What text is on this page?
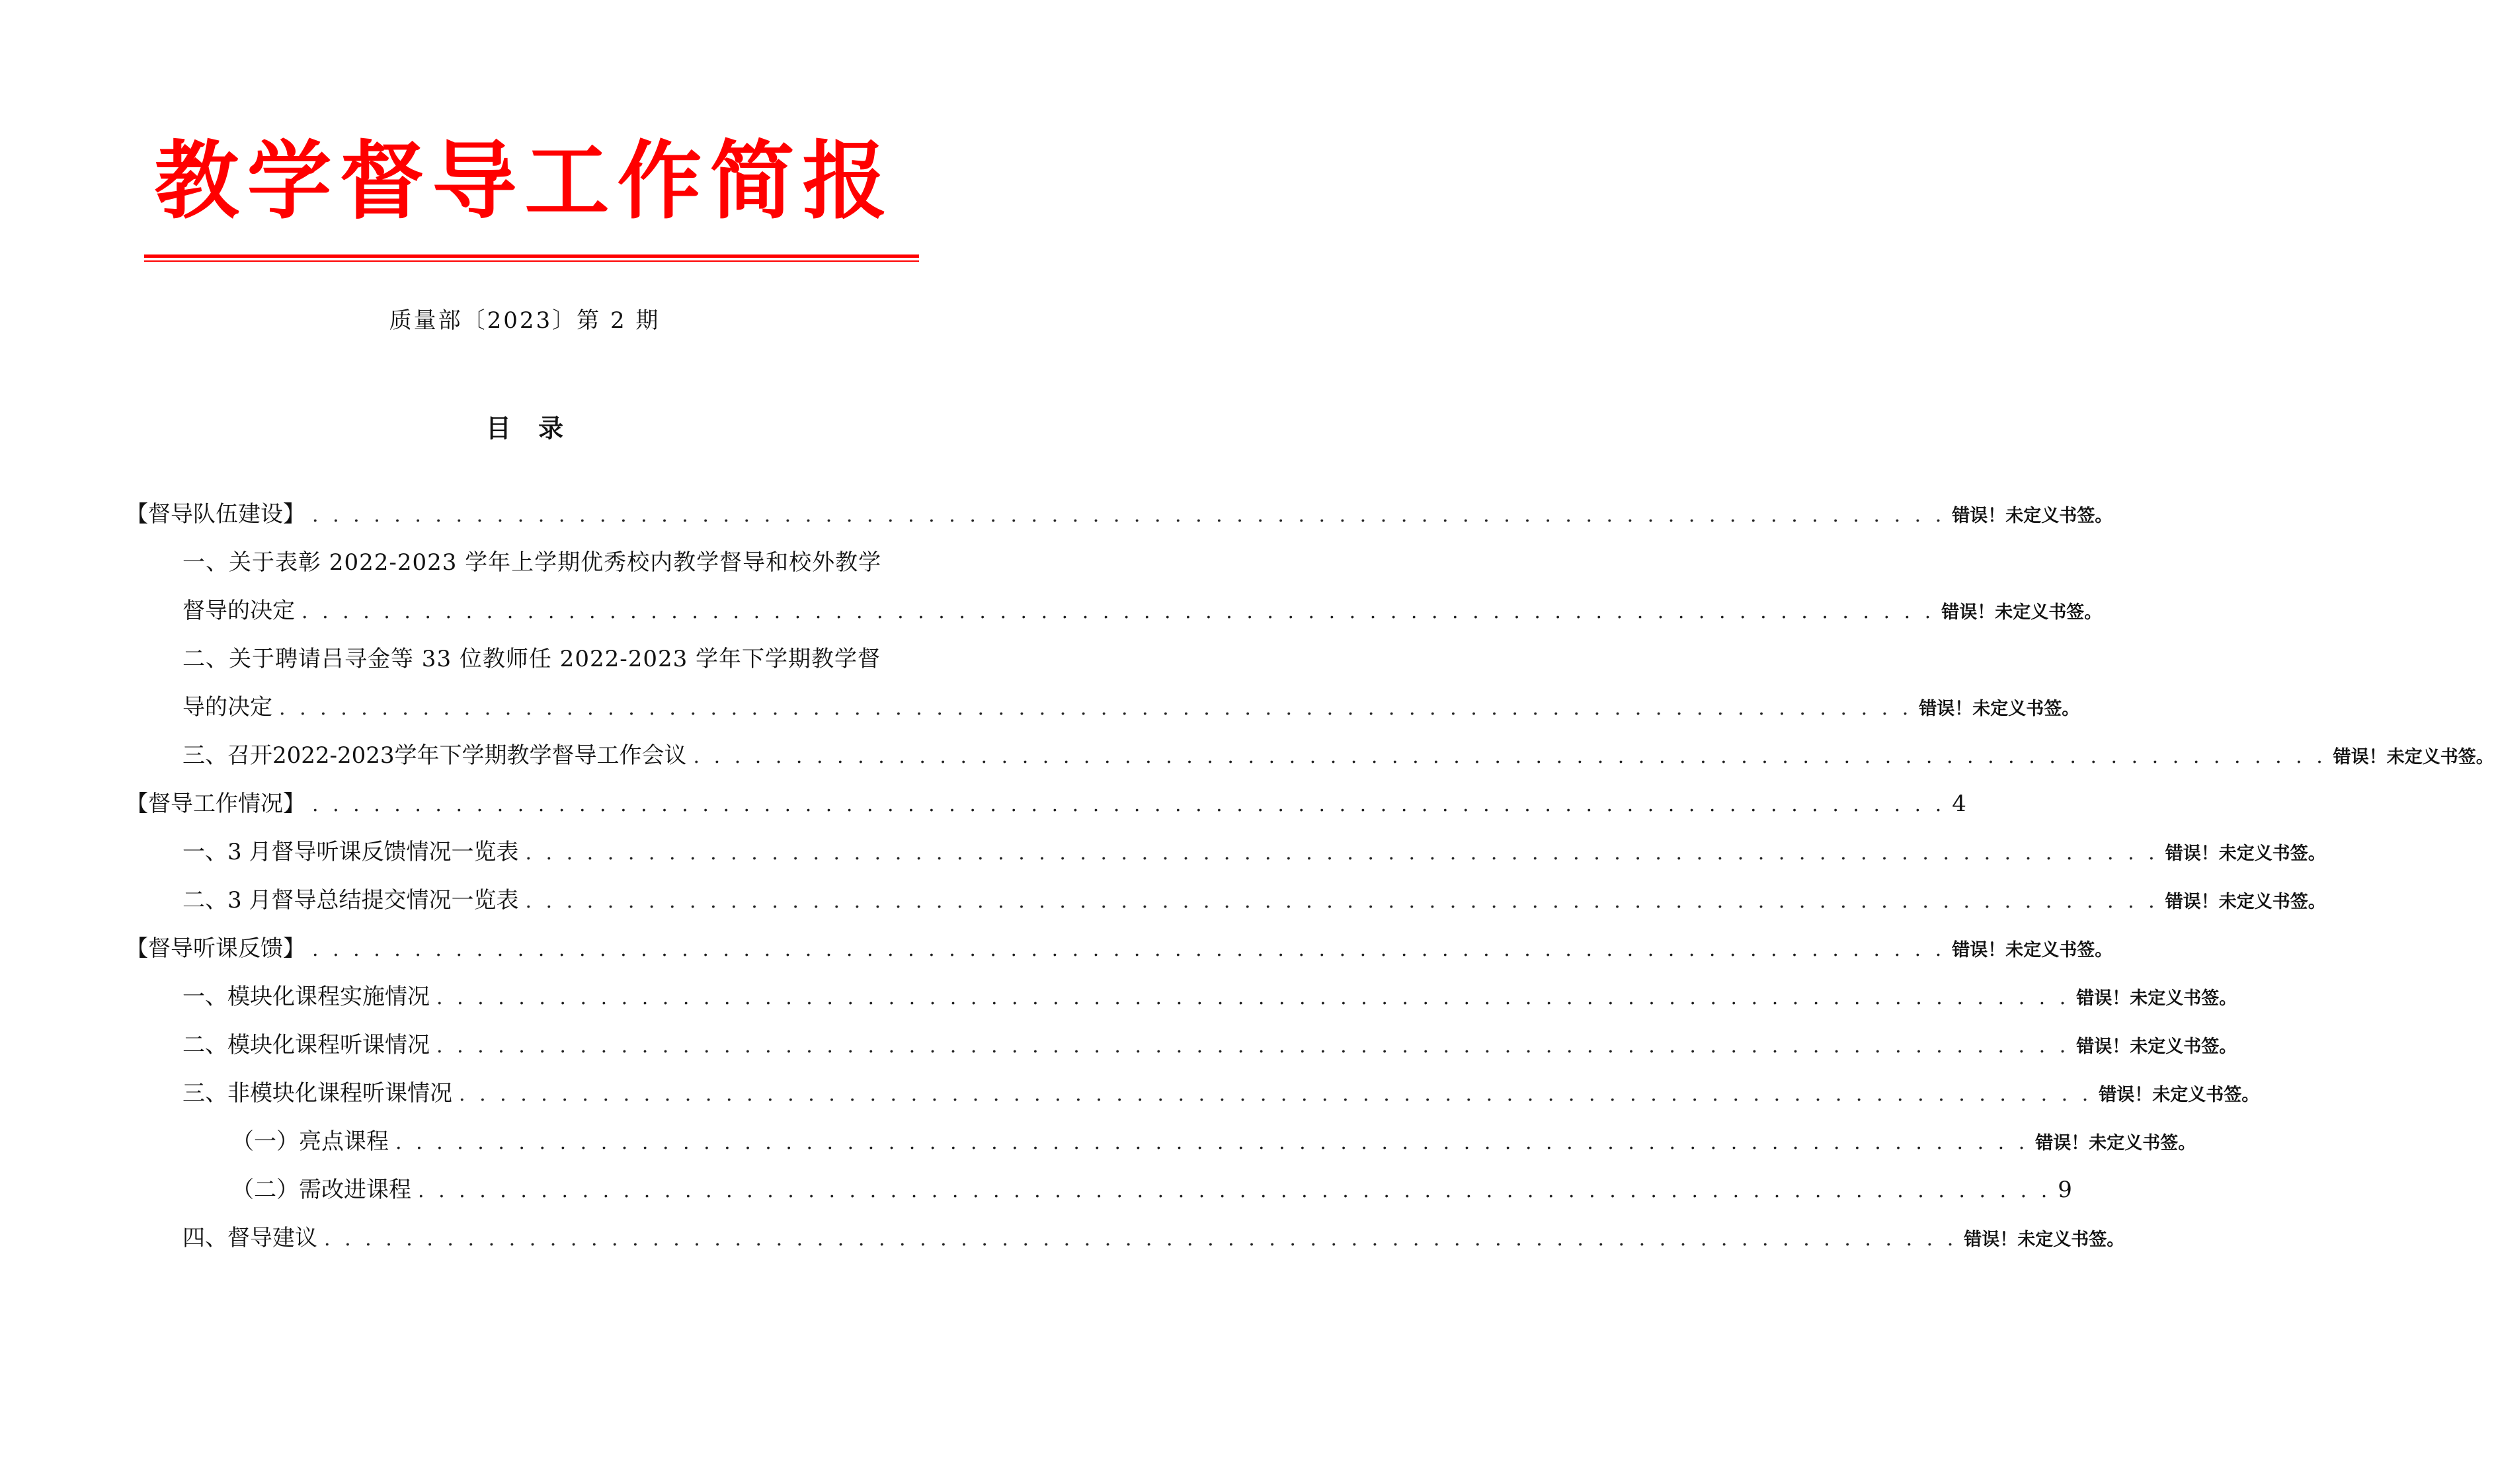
教学督导工作简报
质量部〔2023〕第 2 期
目 录
【督导队伍建设】 . . . . . . . . . . . . . . . . . . . . . . . . . . . . . . . . . . . . . . . . . . . . . . . . . . . . . . . . . . . . . . . . . . . . . . . . . . . . . . . . 错误！未定义书签。
一、关于表彰 2022-2023 学年上学期优秀校内教学督导和校外教学
督导的决定 . . . . . . . . . . . . . . . . . . . . . . . . . . . . . . . . . . . . . . . . . . . . . . . . . . . . . . . . . . . . . . . . . . . . . . . . . . . . . . . . 错误！未定义书签。
二、关于聘请吕寻金等 33 位教师任 2022-2023 学年下学期教学督
导的决定 . . . . . . . . . . . . . . . . . . . . . . . . . . . . . . . . . . . . . . . . . . . . . . . . . . . . . . . . . . . . . . . . . . . . . . . . . . . . . . . . 错误！未定义书签。
三、召开2022-2023学年下学期教学督导工作会议 . . . . . . . . . . . . . . . . . . . . . . . . . . . . . . . . . . . . . . . . . . . . . . . . . . . . . . . . . . . . . . . . . . . . . . . . . . . . . . . . 错误！未定义书签。
【督导工作情况】 . . . . . . . . . . . . . . . . . . . . . . . . . . . . . . . . . . . . . . . . . . . . . . . . . . . . . . . . . . . . . . . . . . . . . . . . . . . . . . . . 4
一、3 月督导听课反馈情况一览表 . . . . . . . . . . . . . . . . . . . . . . . . . . . . . . . . . . . . . . . . . . . . . . . . . . . . . . . . . . . . . . . . . . . . . . . . . . . . . . . . 错误！未定义书签。
二、3 月督导总结提交情况一览表 . . . . . . . . . . . . . . . . . . . . . . . . . . . . . . . . . . . . . . . . . . . . . . . . . . . . . . . . . . . . . . . . . . . . . . . . . . . . . . . . 错误！未定义书签。
【督导听课反馈】 . . . . . . . . . . . . . . . . . . . . . . . . . . . . . . . . . . . . . . . . . . . . . . . . . . . . . . . . . . . . . . . . . . . . . . . . . . . . . . . . 错误！未定义书签。
一、模块化课程实施情况 . . . . . . . . . . . . . . . . . . . . . . . . . . . . . . . . . . . . . . . . . . . . . . . . . . . . . . . . . . . . . . . . . . . . . . . . . . . . . . . . 错误！未定义书签。
二、模块化课程听课情况 . . . . . . . . . . . . . . . . . . . . . . . . . . . . . . . . . . . . . . . . . . . . . . . . . . . . . . . . . . . . . . . . . . . . . . . . . . . . . . . . 错误！未定义书签。
三、非模块化课程听课情况 . . . . . . . . . . . . . . . . . . . . . . . . . . . . . . . . . . . . . . . . . . . . . . . . . . . . . . . . . . . . . . . . . . . . . . . . . . . . . . . . 错误！未定义书签。
（一）亮点课程 . . . . . . . . . . . . . . . . . . . . . . . . . . . . . . . . . . . . . . . . . . . . . . . . . . . . . . . . . . . . . . . . . . . . . . . . . . . . . . . . 错误！未定义书签。
（二）需改进课程 . . . . . . . . . . . . . . . . . . . . . . . . . . . . . . . . . . . . . . . . . . . . . . . . . . . . . . . . . . . . . . . . . . . . . . . . . . . . . . . . 9
四、督导建议 . . . . . . . . . . . . . . . . . . . . . . . . . . . . . . . . . . . . . . . . . . . . . . . . . . . . . . . . . . . . . . . . . . . . . . . . . . . . . . . . 错误！未定义书签。
